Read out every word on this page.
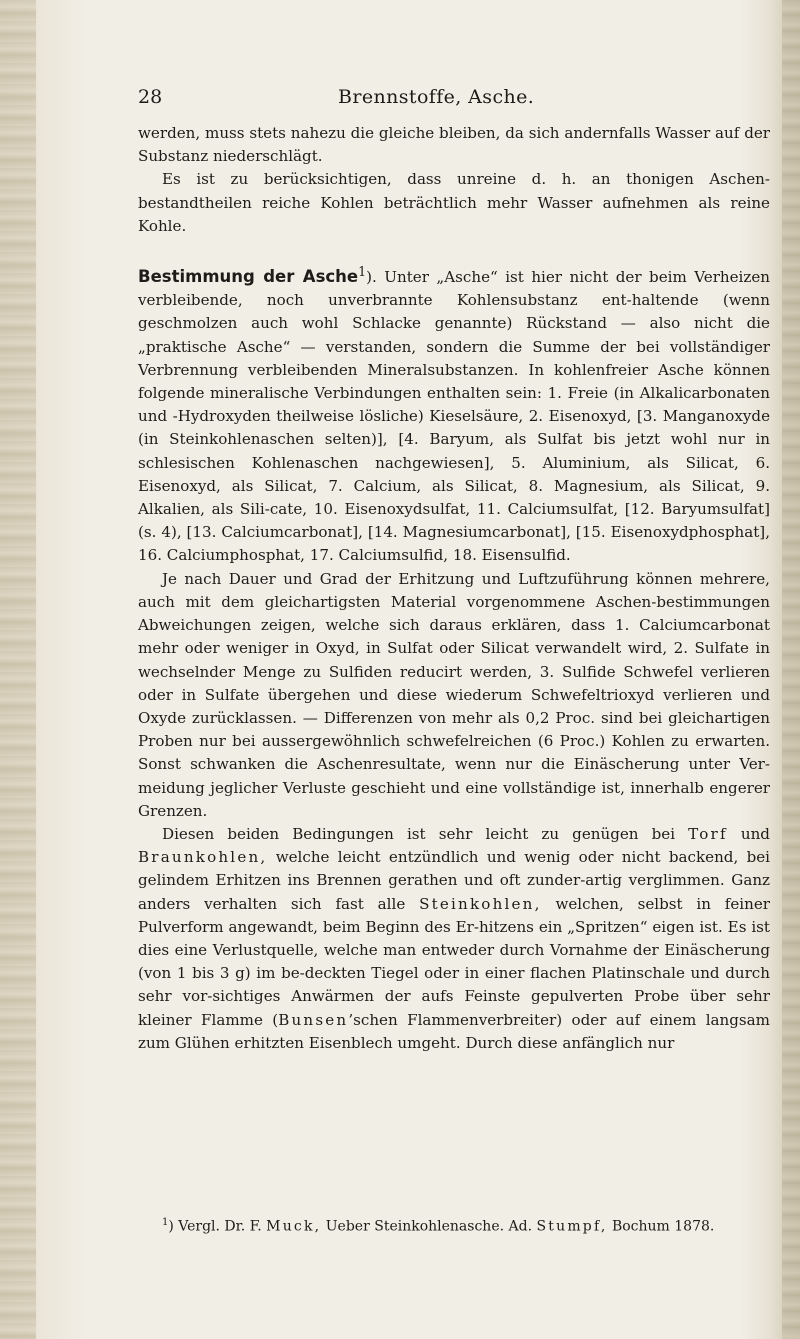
28	Brennstoffe, Asche.

werden, muss stets nahezu die gleiche bleiben, da sich andernfalls Wasser auf der Substanz niederschlägt.

Es ist zu berücksichtigen, dass unreine d. h. an thonigen Aschen-bestandtheilen reiche Kohlen beträchtlich mehr Wasser aufnehmen als reine Kohle.

Bestimmung der Asche$^1$). Unter „Asche“ ist hier nicht der beim Verheizen verbleibende, noch unverbrannte Kohlensubstanz ent-haltende (wenn geschmolzen auch wohl Schlacke genannte) Rückstand — also nicht die „praktische Asche“ — verstanden, sondern die Summe der bei vollständiger Verbrennung verbleibenden Mineralsubstanzen. In kohlenfreier Asche können folgende mineralische Verbindungen enthalten sein: 1. Freie (in Alkalicarbonaten und -Hydroxyden theilweise lösliche) Kieselsäure, 2. Eisenoxyd, [3. Manganoxyde (in Steinkohlenaschen selten)], [4. Baryum, als Sulfat bis jetzt wohl nur in schlesischen Kohlenaschen nachgewiesen], 5. Aluminium, als Silicat, 6. Eisenoxyd, als Silicat, 7. Calcium, als Silicat, 8. Magnesium, als Silicat, 9. Alkalien, als Sili-cate, 10. Eisenoxydsulfat, 11. Calciumsulfat, [12. Baryumsulfat] (s. 4), [13. Calciumcarbonat], [14. Magnesiumcarbonat], [15. Eisenoxydphosphat], 16. Calciumphosphat, 17. Calciumsulfid, 18. Eisensulfid.

Je nach Dauer und Grad der Erhitzung und Luftzuführung können mehrere, auch mit dem gleichartigsten Material vorgenommene Aschen-bestimmungen Abweichungen zeigen, welche sich daraus erklären, dass 1. Calciumcarbonat mehr oder weniger in Oxyd, in Sulfat oder Silicat verwandelt wird, 2. Sulfate in wechselnder Menge zu Sulfiden reducirt werden, 3. Sulfide Schwefel verlieren oder in Sulfate übergehen und diese wiederum Schwefeltrioxyd verlieren und Oxyde zurücklassen. — Differenzen von mehr als 0,2 Proc. sind bei gleichartigen Proben nur bei aussergewöhnlich schwefelreichen (6 Proc.) Kohlen zu erwarten. Sonst schwanken die Aschenresultate, wenn nur die Einäscherung unter Ver-meidung jeglicher Verluste geschieht und eine vollständige ist, innerhalb engerer Grenzen.

Diesen beiden Bedingungen ist sehr leicht zu genügen bei Torf und Braunkohlen, welche leicht entzündlich und wenig oder nicht backend, bei gelindem Erhitzen ins Brennen gerathen und oft zunder-artig verglimmen. Ganz anders verhalten sich fast alle Steinkohlen, welchen, selbst in feiner Pulverform angewandt, beim Beginn des Er-hitzens ein „Spritzen“ eigen ist. Es ist dies eine Verlustquelle, welche man entweder durch Vornahme der Einäscherung (von 1 bis 3 g) im be-deckten Tiegel oder in einer flachen Platinschale und durch sehr vor-sichtiges Anwärmen der aufs Feinste gepulverten Probe über sehr kleiner Flamme (Bunsen’schen Flammenverbreiter) oder auf einem langsam zum Glühen erhitzten Eisenblech umgeht. Durch diese anfänglich nur

$^1$) Vergl. Dr. F. Muck, Ueber Steinkohlenasche. Ad. Stumpf, Bochum 1878.
